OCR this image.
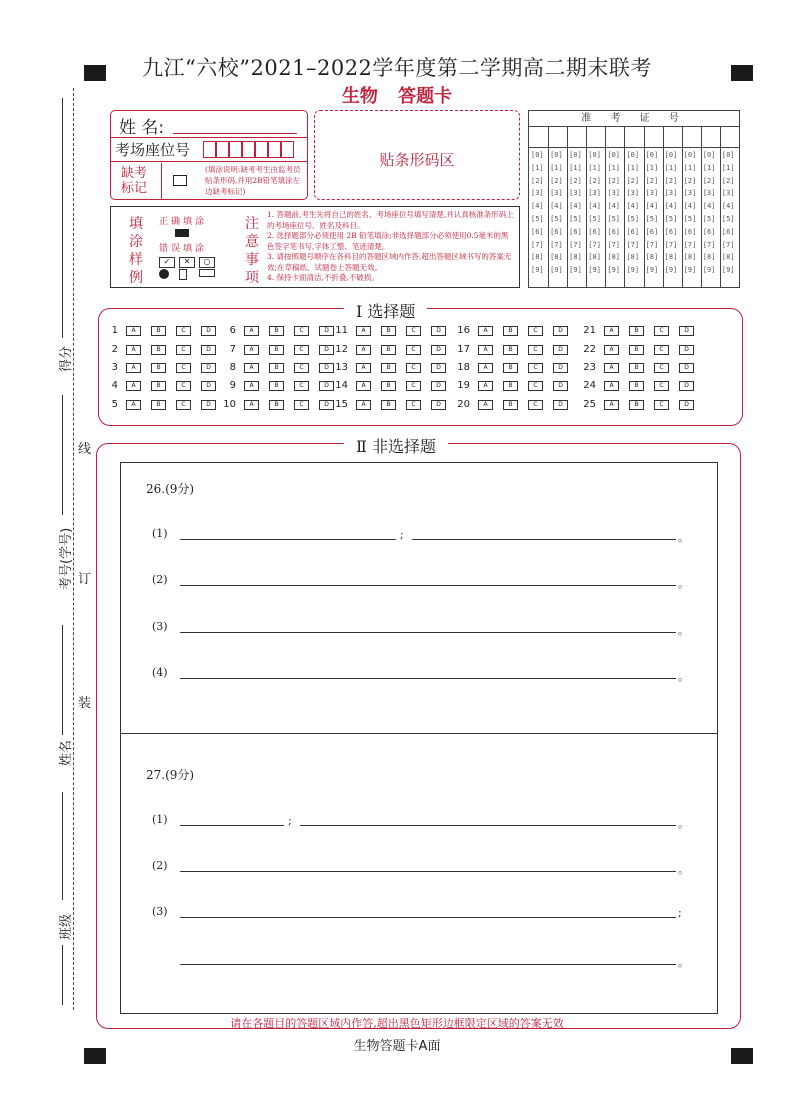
九江“六校”2021–2022学年度第二学期高二期末联考
生物 答题卡
得分
考号(学号)
姓名
班级
线
订
装
姓 名:
考场座位号
缺考
标记
(填涂说明:缺考考生由监考员贴条形码,并用2B铅笔填涂左边缺考标记)
贴条形码区
准 考 证 号
[0] [0] [0] [0] [0] [0] [0] [0] [0] [0] [0]
[1] [1] [1] [1] [1] [1] [1] [1] [1] [1] [1]
[2] [2] [2] [2] [2] [2] [2] [2] [2] [2] [2]
[3] [3] [3] [3] [3] [3] [3] [3] [3] [3] [3]
[4] [4] [4] [4] [4] [4] [4] [4] [4] [4] [4]
[5] [5] [5] [5] [5] [5] [5] [5] [5] [5] [5]
[6] [6] [6] [6] [6] [6] [6] [6] [6] [6] [6]
[7] [7] [7] [7] [7] [7] [7] [7] [7] [7] [7]
[8] [8] [8] [8] [8] [8] [8] [8] [8] [8] [8]
[9] [9] [9] [9] [9] [9] [9] [9] [9] [9] [9]
填涂样例
正确填涂
错误填涂
✓	✕	○
注意事项
1. 答题前,考生先将自己的姓名、考场座位号填写清楚,并认真核准条形码上的考场座位号、姓名及科目。
2. 选择题部分必须使用 2B 铅笔填涂;非选择题部分必须使用0.5毫米的黑色签字笔书写,字体工整、笔迹清楚。
3. 请按照题号顺序在各科目的答题区域内作答,超出答题区域书写的答案无效;在草稿纸、试题卷上答题无效。
4. 保持卡面清洁,不折叠,不破损。
Ⅰ 选择题
1	A	B	C	D
2	A	B	C	D
3	A	B	C	D
4	A	B	C	D
5	A	B	C	D
6	A	B	C	D
7	A	B	C	D
8	A	B	C	D
9	A	B	C	D
10	A	B	C	D
11	A	B	C	D
12	A	B	C	D
13	A	B	C	D
14	A	B	C	D
15	A	B	C	D
16	A	B	C	D
17	A	B	C	D
18	A	B	C	D
19	A	B	C	D
20	A	B	C	D
21	A	B	C	D
22	A	B	C	D
23	A	B	C	D
24	A	B	C	D
25	A	B	C	D
Ⅱ 非选择题
26.(9分)
(1)	;	。
(2)	。
(3)	。
(4)	。
27.(9分)
(1)	;	。
(2)	。
(3)	;
。
请在各题目的答题区域内作答,超出黑色矩形边框限定区域的答案无效
生物答题卡A面
